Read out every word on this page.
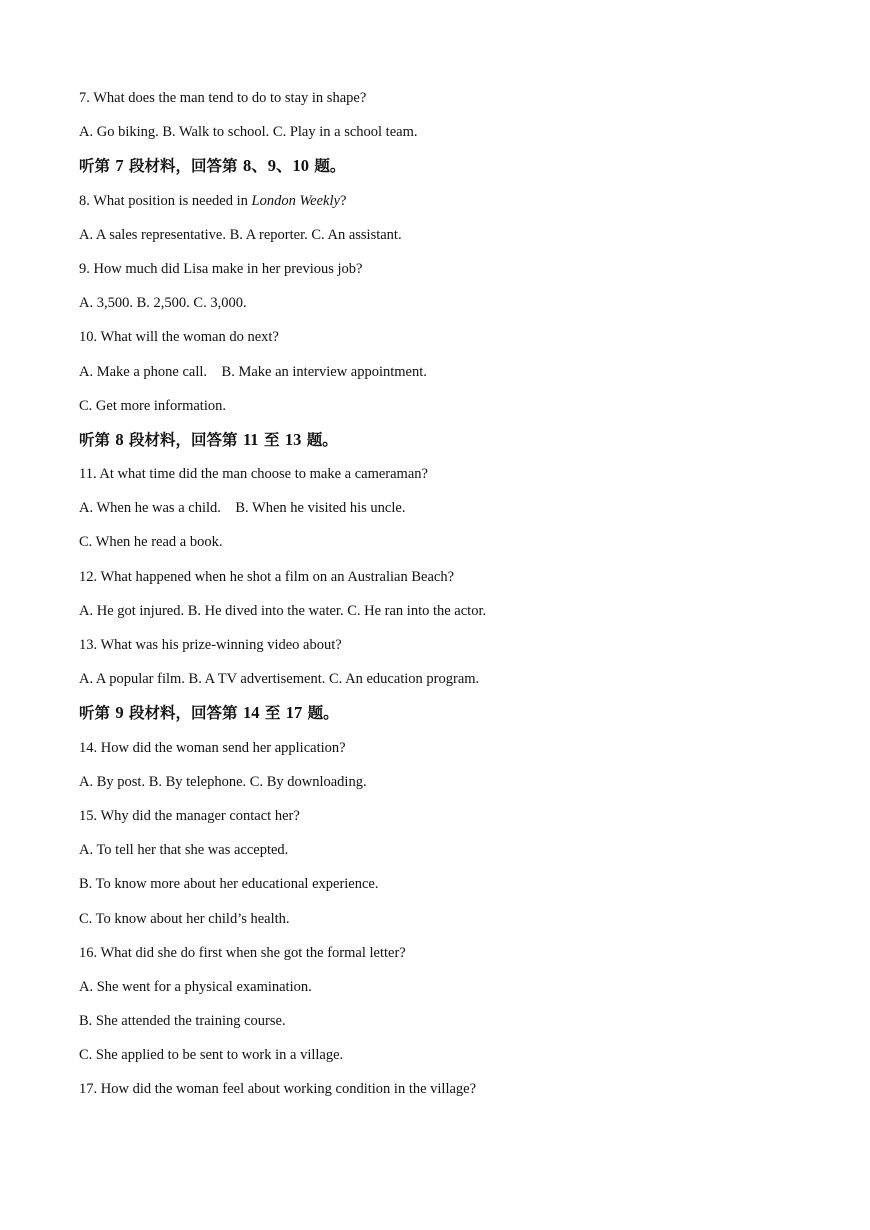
7. What does the man tend to do to stay in shape?
A. Go biking. B. Walk to school. C. Play in a school team.
听第 7 段材料，回答第 8、9、10 题。
8. What position is needed in London Weekly?
A. A sales representative. B. A reporter. C. An assistant.
9. How much did Lisa make in her previous job?
A. 3,500. B. 2,500. C. 3,000.
10. What will the woman do next?
A. Make a phone call.    B. Make an interview appointment.
C. Get more information.
听第 8 段材料，回答第 11 至 13 题。
11. At what time did the man choose to make a cameraman?
A. When he was a child.    B. When he visited his uncle.
C. When he read a book.
12. What happened when he shot a film on an Australian Beach?
A. He got injured. B. He dived into the water. C. He ran into the actor.
13. What was his prize-winning video about?
A. A popular film. B. A TV advertisement. C. An education program.
听第 9 段材料，回答第 14 至 17 题。
14. How did the woman send her application?
A. By post. B. By telephone. C. By downloading.
15. Why did the manager contact her?
A. To tell her that she was accepted.
B. To know more about her educational experience.
C. To know about her child’s health.
16. What did she do first when she got the formal letter?
A. She went for a physical examination.
B. She attended the training course.
C. She applied to be sent to work in a village.
17. How did the woman feel about working condition in the village?
